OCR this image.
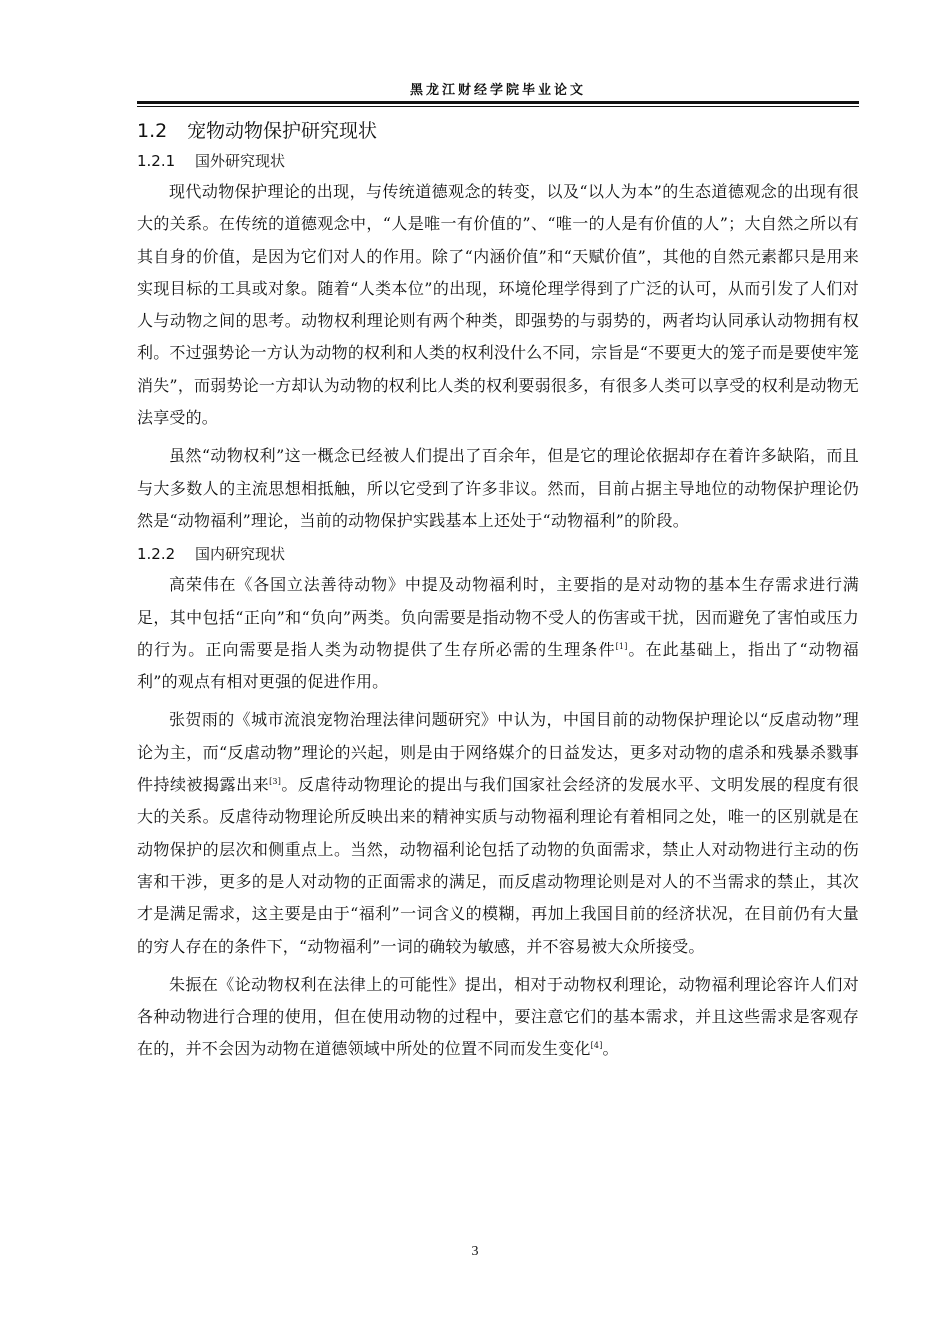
黑龙江财经学院毕业论文
1.2 宠物动物保护研究现状
1.2.1 国外研究现状

现代动物保护理论的出现，与传统道德观念的转变，以及“以人为本”的生态道德观念的出现有很大的关系。在传统的道德观念中，“人是唯一有价值的”、“唯一的人是有价值的人”；大自然之所以有其自身的价值，是因为它们对人的作用。除了“内涵价值”和“天赋价值”，其他的自然元素都只是用来实现目标的工具或对象。随着“人类本位”的出现，环境伦理学得到了广泛的认可，从而引发了人们对人与动物之间的思考。动物权利理论则有两个种类，即强势的与弱势的，两者均认同承认动物拥有权利。不过强势论一方认为动物的权利和人类的权利没什么不同，宗旨是“不要更大的笼子而是要使牢笼消失”，而弱势论一方却认为动物的权利比人类的权利要弱很多，有很多人类可以享受的权利是动物无法享受的。

虽然“动物权利”这一概念已经被人们提出了百余年，但是它的理论依据却存在着许多缺陷，而且与大多数人的主流思想相抵触，所以它受到了许多非议。然而，目前占据主导地位的动物保护理论仍然是“动物福利”理论，当前的动物保护实践基本上还处于“动物福利”的阶段。

1.2.2 国内研究现状

高荣伟在《各国立法善待动物》中提及动物福利时，主要指的是对动物的基本生存需求进行满足，其中包括“正向”和“负向”两类。负向需要是指动物不受人的伤害或干扰，因而避免了害怕或压力的行为。正向需要是指人类为动物提供了生存所必需的生理条件[1]。在此基础上，指出了“动物福利”的观点有相对更强的促进作用。

张贺雨的《城市流浪宠物治理法律问题研究》中认为，中国目前的动物保护理论以“反虐动物”理论为主，而“反虐动物”理论的兴起，则是由于网络媒介的日益发达，更多对动物的虐杀和残暴杀戮事件持续被揭露出来[3]。反虐待动物理论的提出与我们国家社会经济的发展水平、文明发展的程度有很大的关系。反虐待动物理论所反映出来的精神实质与动物福利理论有着相同之处，唯一的区别就是在动物保护的层次和侧重点上。当然，动物福利论包括了动物的负面需求，禁止人对动物进行主动的伤害和干涉，更多的是人对动物的正面需求的满足，而反虐动物理论则是对人的不当需求的禁止，其次才是满足需求，这主要是由于“福利”一词含义的模糊，再加上我国目前的经济状况，在目前仍有大量的穷人存在的条件下，“动物福利”一词的确较为敏感，并不容易被大众所接受。

朱振在《论动物权利在法律上的可能性》提出，相对于动物权利理论，动物福利理论容许人们对各种动物进行合理的使用，但在使用动物的过程中，要注意它们的基本需求，并且这些需求是客观存在的，并不会因为动物在道德领域中所处的位置不同而发生变化[4]。

3
